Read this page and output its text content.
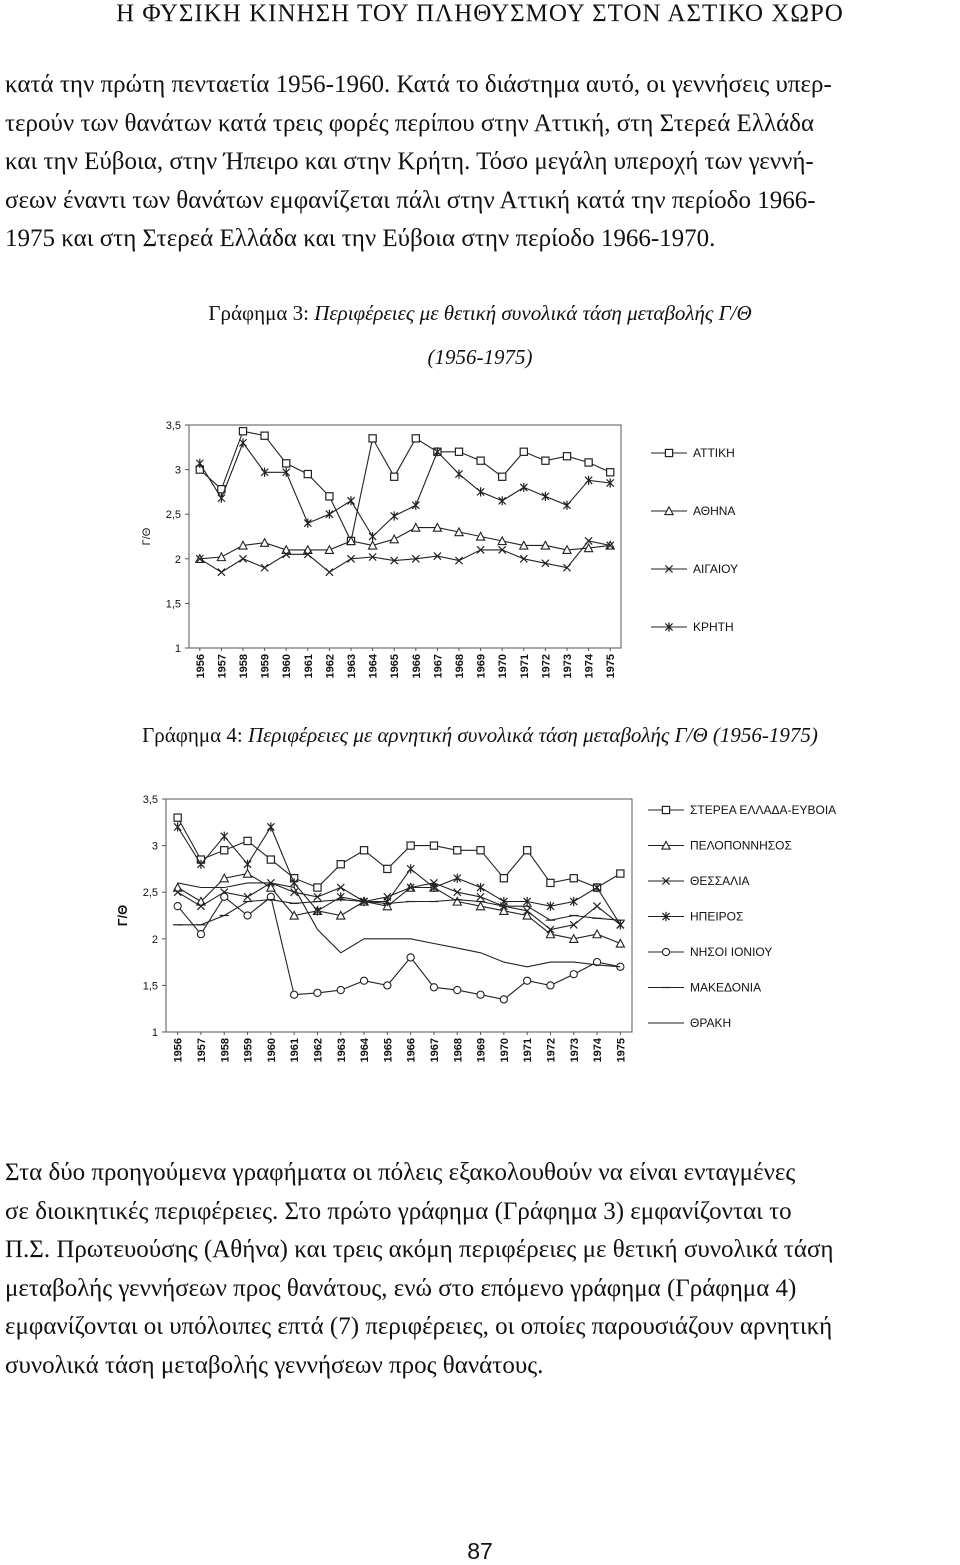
Η ΦΥΣΙΚΗ ΚΙΝΗΣΗ ΤΟΥ ΠΛΗΘΥΣΜΟΥ ΣΤΟΝ ΑΣΤΙΚΟ ΧΩΡΟ

κατά την πρώτη πενταετία 1956-1960. Κατά το διάστημα αυτό, οι γεννήσεις υπερ-
τερούν των θανάτων κατά τρεις φορές περίπου στην Αττική, στη Στερεά Ελλάδα
και την Εύβοια, στην Ήπειρο και στην Κρήτη. Τόσο μεγάλη υπεροχή των γεννή-
σεων έναντι των θανάτων εμφανίζεται πάλι στην Αττική κατά την περίοδο 1966-
1975 και στη Στερεά Ελλάδα και την Εύβοια στην περίοδο 1966-1970.

Γράφημα 3: Περιφέρειες με θετική συνολικά τάση μεταβολής Γ/Θ
(1956-1975)
1
1,5
2
2,5
3
3,5
Γ/Θ
1956 1957 1958 1959 1960 1961 1962 1963 1964 1965 1966 1967 1968 1969 1970 1971 1972 1973 1974 1975
ΑΤΤΙΚΗ
ΑΘΗΝΑ
ΑΙΓΑΙΟΥ
ΚΡΗΤΗ
Γράφημα 4: Περιφέρειες με αρνητική συνολικά τάση μεταβολής Γ/Θ (1956-1975)
1
1,5
2
2,5
3
3,5
Γ/Θ
1956 1957 1958 1959 1960 1961 1962 1963 1964 1965 1966 1967 1968 1969 1970 1971 1972 1973 1974 1975
ΣΤΕΡΕΑ ΕΛΛΑΔΑ-ΕΥΒΟΙΑ
ΠΕΛΟΠΟΝΝΗΣΟΣ
ΘΕΣΣΑΛΙΑ
ΗΠΕΙΡΟΣ
ΝΗΣΟΙ ΙΟΝΙΟΥ
ΜΑΚΕΔΟΝΙΑ
ΘΡΑΚΗ

Στα δύο προηγούμενα γραφήματα οι πόλεις εξακολουθούν να είναι ενταγμένες
σε διοικητικές περιφέρειες. Στο πρώτο γράφημα (Γράφημα 3) εμφανίζονται το
Π.Σ. Πρωτευούσης (Αθήνα) και τρεις ακόμη περιφέρειες με θετική συνολικά τάση
μεταβολής γεννήσεων προς θανάτους, ενώ στο επόμενο γράφημα (Γράφημα 4)
εμφανίζονται οι υπόλοιπες επτά (7) περιφέρειες, οι οποίες παρουσιάζουν αρνητική
συνολικά τάση μεταβολής γεννήσεων προς θανάτους.

87
